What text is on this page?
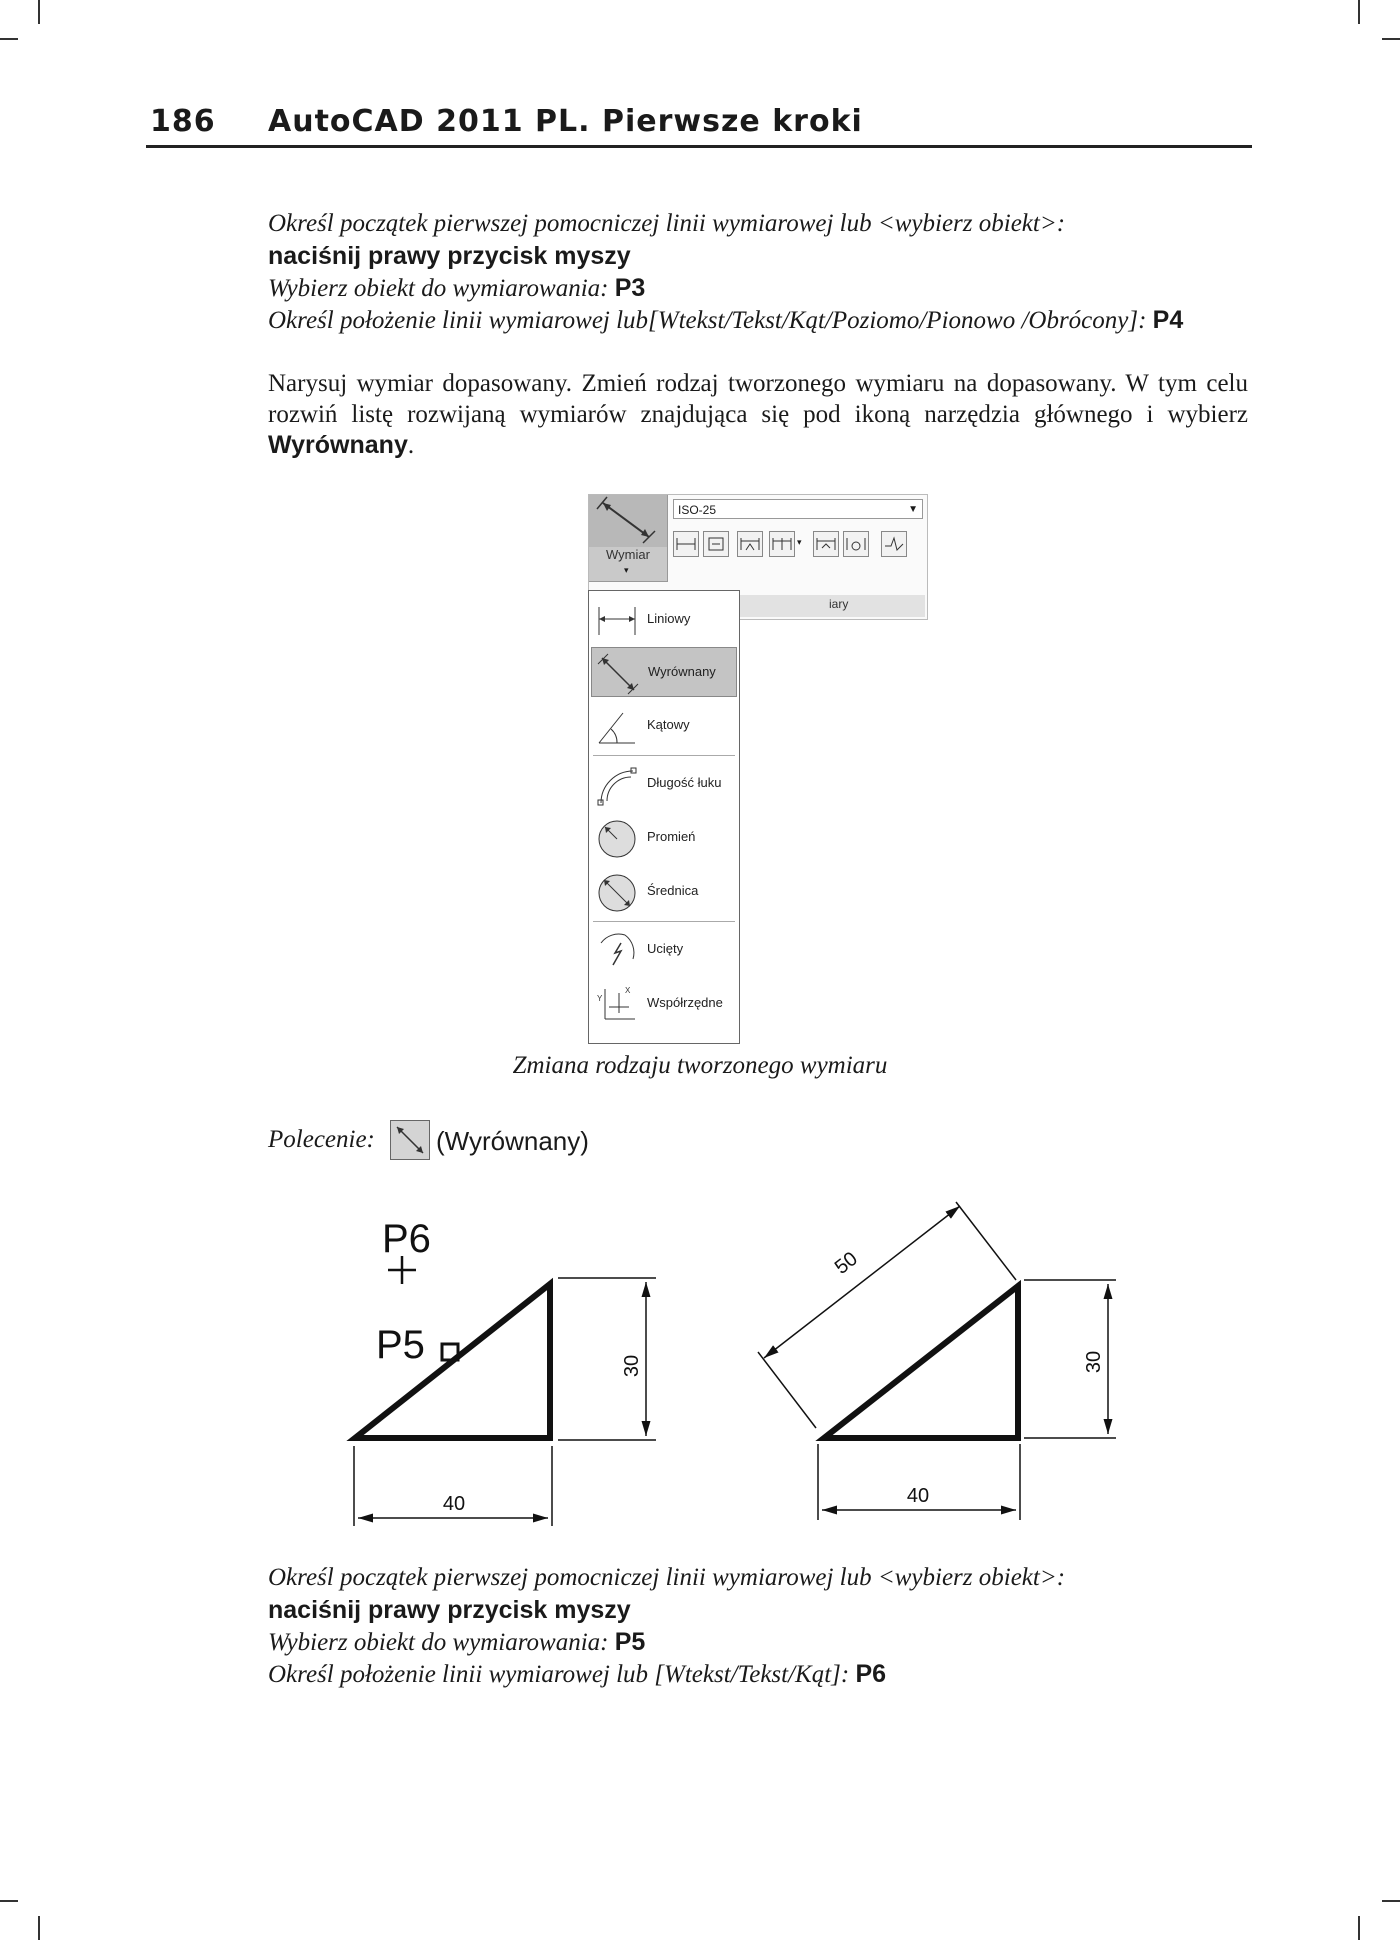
186 AutoCAD 2011 PL. Pierwsze kroki
Określ początek pierwszej pomocniczej linii wymiarowej lub <wybierz obiekt>:
naciśnij prawy przycisk myszy
Wybierz obiekt do wymiarowania: P3
Określ położenie linii wymiarowej lub[Wtekst/Tekst/Kąt/Poziomo/Pionowo /Obrócony]: P4
Narysuj wymiar dopasowany. Zmień rodzaj tworzonego wymiaru na dopasowany. W tym celu rozwiń listę rozwijaną wymiarów znajdująca się pod ikoną narzędzia głównego i wybierz Wyrównany.
Wymiar
▾
ISO-25	▼
▾
iary
Liniowy
Wyrównany
Kątowy
Długość łuku
Promień
Średnica
Ucięty
Y
X
Współrzędne
Zmiana rodzaju tworzonego wymiaru
Polecenie: (Wyrównany)
30
40
P6
P5
50
30
40
Określ początek pierwszej pomocniczej linii wymiarowej lub <wybierz obiekt>:
naciśnij prawy przycisk myszy
Wybierz obiekt do wymiarowania: P5
Określ położenie linii wymiarowej lub [Wtekst/Tekst/Kąt]: P6
